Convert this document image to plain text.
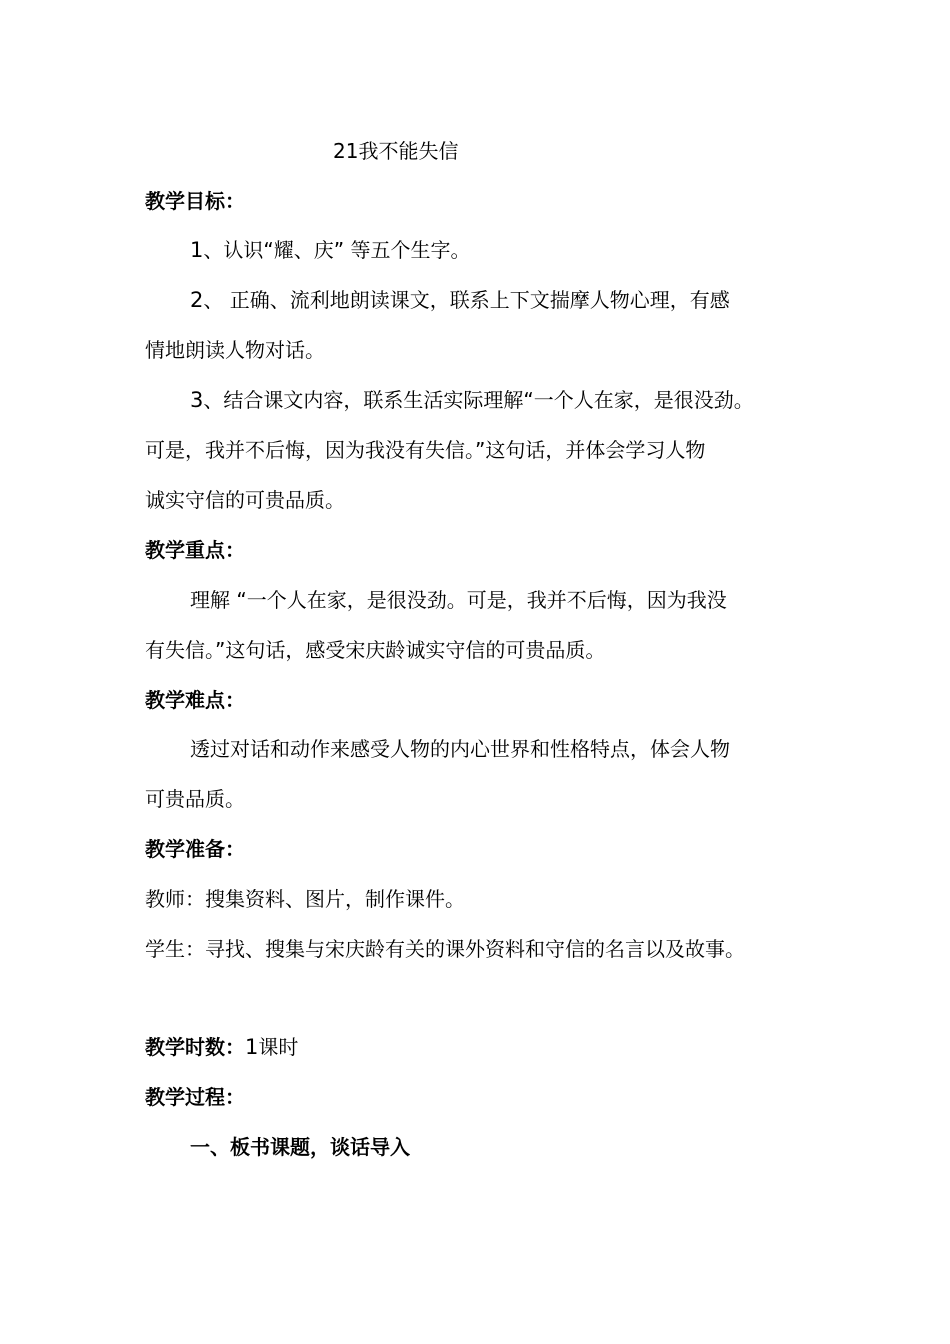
21我不能失信
教学目标：
1、认识“耀、庆” 等五个生字。
2、 正确、流利地朗读课文，联系上下文揣摩人物心理，有感
情地朗读人物对话。
3、结合课文内容，联系生活实际理解“一个人在家，是很没劲。
可是，我并不后悔，因为我没有失信。”这句话，并体会学习人物
诚实守信的可贵品质。
教学重点：
理解 “一个人在家，是很没劲。可是，我并不后悔，因为我没
有失信。”这句话，感受宋庆龄诚实守信的可贵品质。
教学难点：
透过对话和动作来感受人物的内心世界和性格特点，体会人物
可贵品质。
教学准备：
教师：搜集资料、图片，制作课件。
学生：寻找、搜集与宋庆龄有关的课外资料和守信的名言以及故事。
教学时数：1课时
教学过程：
一、板书课题，谈话导入
